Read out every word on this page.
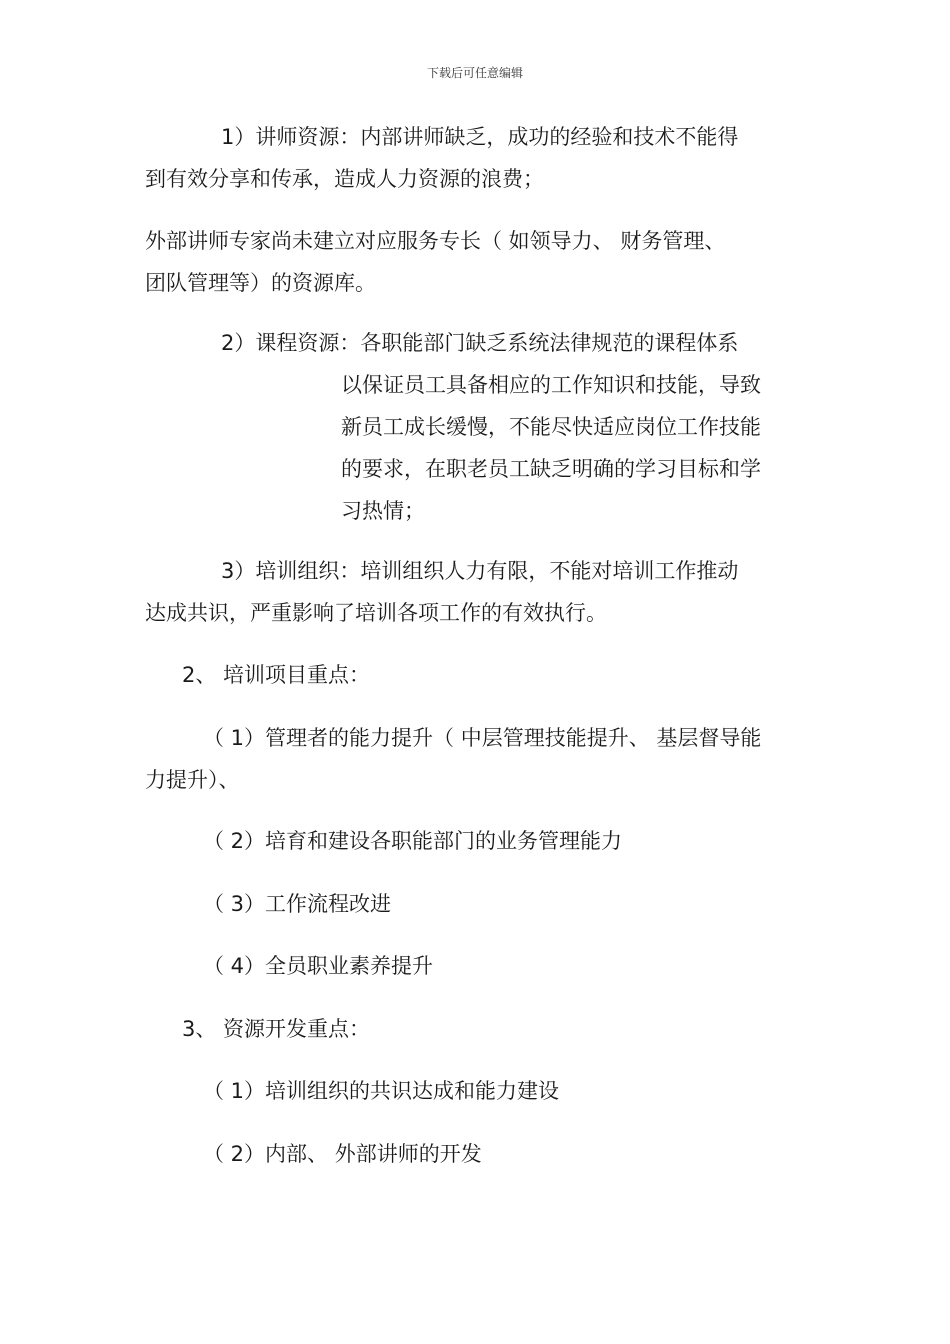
下载后可任意编辑
1）讲师资源：内部讲师缺乏，成功的经验和技术不能得
到有效分享和传承，造成人力资源的浪费；
外部讲师专家尚未建立对应服务专长（ 如领导力、 财务管理、
团队管理等）的资源库。
2）课程资源：各职能部门缺乏系统法律规范的课程体系
以保证员工具备相应的工作知识和技能，导致
新员工成长缓慢，不能尽快适应岗位工作技能
的要求，在职老员工缺乏明确的学习目标和学
习热情；
3）培训组织：培训组织人力有限，不能对培训工作推动
达成共识，严重影响了培训各项工作的有效执行。
2、 培训项目重点：
（ 1）管理者的能力提升（ 中层管理技能提升、 基层督导能
力提升）、
（ 2）培育和建设各职能部门的业务管理能力
（ 3）工作流程改进
（ 4）全员职业素养提升
3、 资源开发重点：
（ 1）培训组织的共识达成和能力建设
（ 2）内部、 外部讲师的开发
